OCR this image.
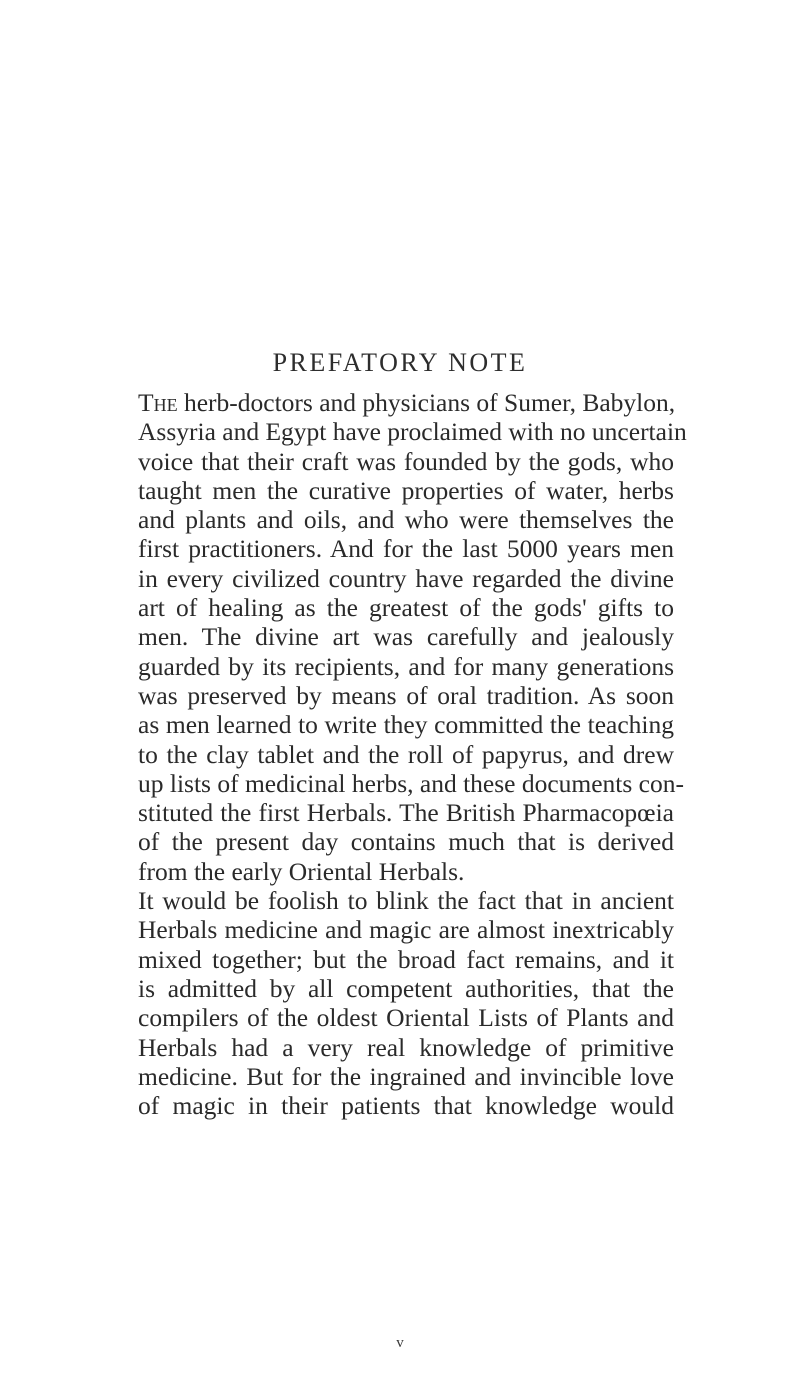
PREFATORY NOTE
The herb-doctors and physicians of Sumer, Babylon,
Assyria and Egypt have proclaimed with no uncertain
voice that their craft was founded by the gods, who
taught men the curative properties of water, herbs
and plants and oils, and who were themselves the
first practitioners. And for the last 5000 years men
in every civilized country have regarded the divine
art of healing as the greatest of the gods' gifts to
men. The divine art was carefully and jealously
guarded by its recipients, and for many generations
was preserved by means of oral tradition. As soon
as men learned to write they committed the teaching
to the clay tablet and the roll of papyrus, and drew
up lists of medicinal herbs, and these documents con-
stituted the first Herbals. The British Pharmacopœia
of the present day contains much that is derived
from the early Oriental Herbals.
It would be foolish to blink the fact that in ancient
Herbals medicine and magic are almost inextricably
mixed together; but the broad fact remains, and it
is admitted by all competent authorities, that the
compilers of the oldest Oriental Lists of Plants and
Herbals had a very real knowledge of primitive
medicine. But for the ingrained and invincible love
of magic in their patients that knowledge would
v
